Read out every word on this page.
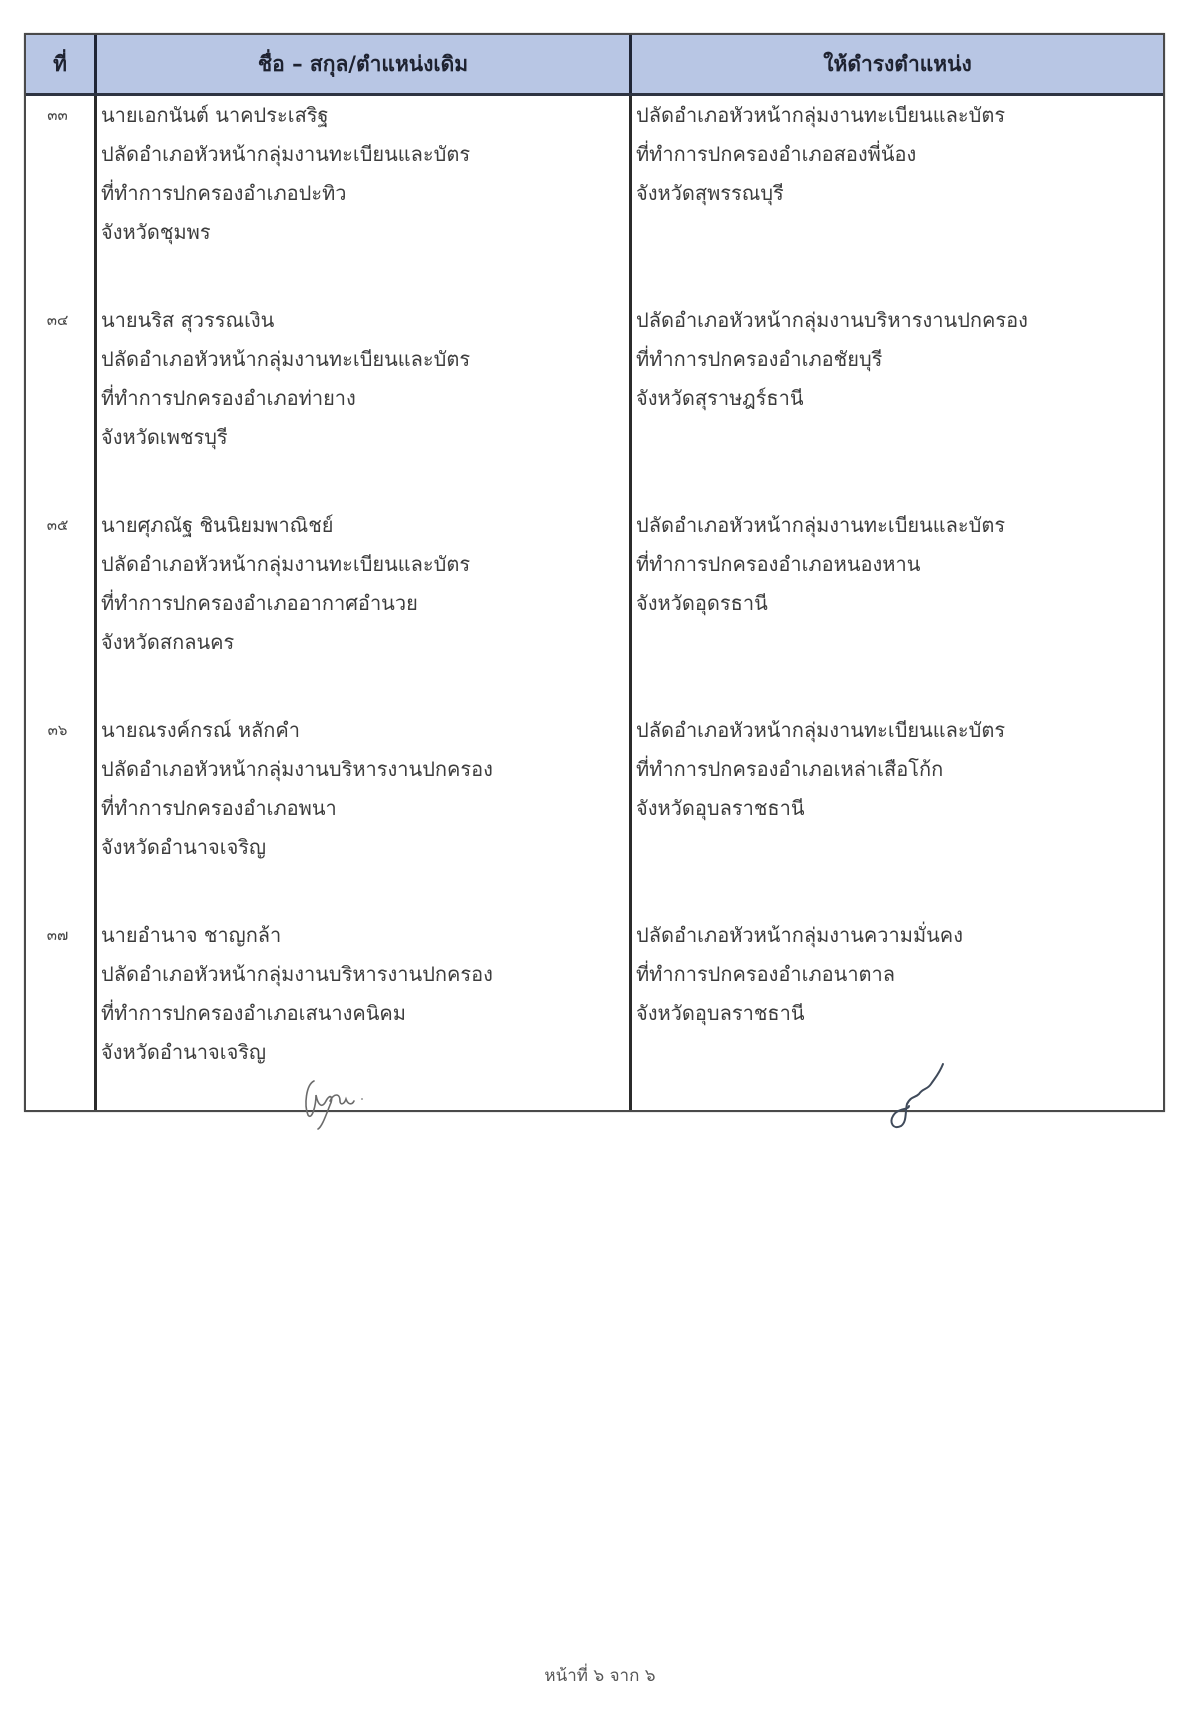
ที่	ชื่อ – สกุล/ตำแหน่งเดิม	ให้ดำรงตำแหน่ง
๓๓
๓๔
๓๕
๓๖
๓๗
นายเอกนันต์ นาคประเสริฐ
ปลัดอำเภอหัวหน้ากลุ่มงานทะเบียนและบัตร
ที่ทำการปกครองอำเภอปะทิว
จังหวัดชุมพร
นายนริส สุวรรณเงิน
ปลัดอำเภอหัวหน้ากลุ่มงานทะเบียนและบัตร
ที่ทำการปกครองอำเภอท่ายาง
จังหวัดเพชรบุรี
นายศุภณัฐ ชินนิยมพาณิชย์
ปลัดอำเภอหัวหน้ากลุ่มงานทะเบียนและบัตร
ที่ทำการปกครองอำเภออากาศอำนวย
จังหวัดสกลนคร
นายณรงค์กรณ์ หลักคำ
ปลัดอำเภอหัวหน้ากลุ่มงานบริหารงานปกครอง
ที่ทำการปกครองอำเภอพนา
จังหวัดอำนาจเจริญ
นายอำนาจ ชาญกล้า
ปลัดอำเภอหัวหน้ากลุ่มงานบริหารงานปกครอง
ที่ทำการปกครองอำเภอเสนางคนิคม
จังหวัดอำนาจเจริญ
ปลัดอำเภอหัวหน้ากลุ่มงานทะเบียนและบัตร
ที่ทำการปกครองอำเภอสองพี่น้อง
จังหวัดสุพรรณบุรี
ปลัดอำเภอหัวหน้ากลุ่มงานบริหารงานปกครอง
ที่ทำการปกครองอำเภอชัยบุรี
จังหวัดสุราษฎร์ธานี
ปลัดอำเภอหัวหน้ากลุ่มงานทะเบียนและบัตร
ที่ทำการปกครองอำเภอหนองหาน
จังหวัดอุดรธานี
ปลัดอำเภอหัวหน้ากลุ่มงานทะเบียนและบัตร
ที่ทำการปกครองอำเภอเหล่าเสือโก้ก
จังหวัดอุบลราชธานี
ปลัดอำเภอหัวหน้ากลุ่มงานความมั่นคง
ที่ทำการปกครองอำเภอนาตาล
จังหวัดอุบลราชธานี
หน้าที่ ๖ จาก ๖
